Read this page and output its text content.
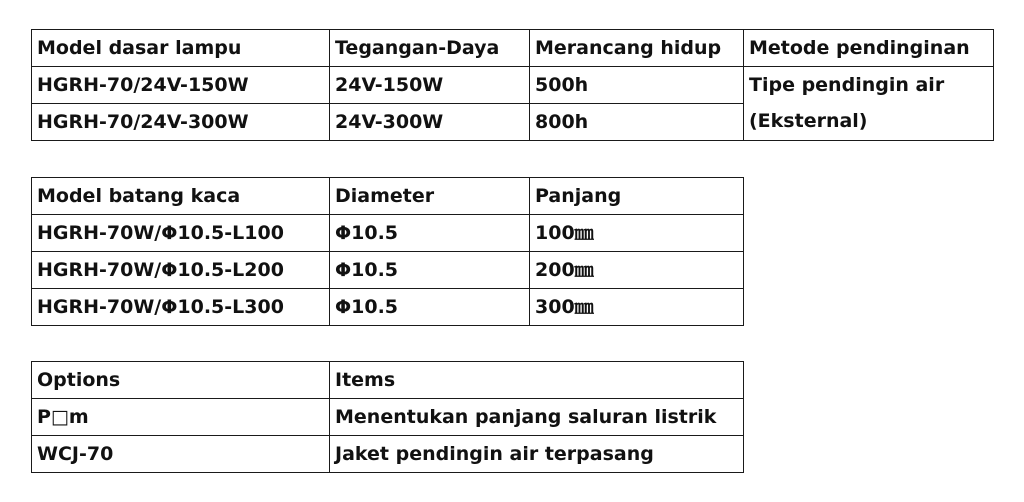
Model dasar lampu	Tegangan-Daya	Merancang hidup	Metode pendinginan
HGRH-70/24V-150W	24V-150W	500h	Tipe pendingin air
HGRH-70/24V-300W	24V-300W	800h	(Eksternal)
Model batang kaca	Diameter	Panjang
HGRH-70W/Φ10.5-L100	Φ10.5	100㎜
HGRH-70W/Φ10.5-L200	Φ10.5	200㎜
HGRH-70W/Φ10.5-L300	Φ10.5	300㎜
Options	Items
P□m	Menentukan panjang saluran listrik
WCJ-70	Jaket pendingin air terpasang
